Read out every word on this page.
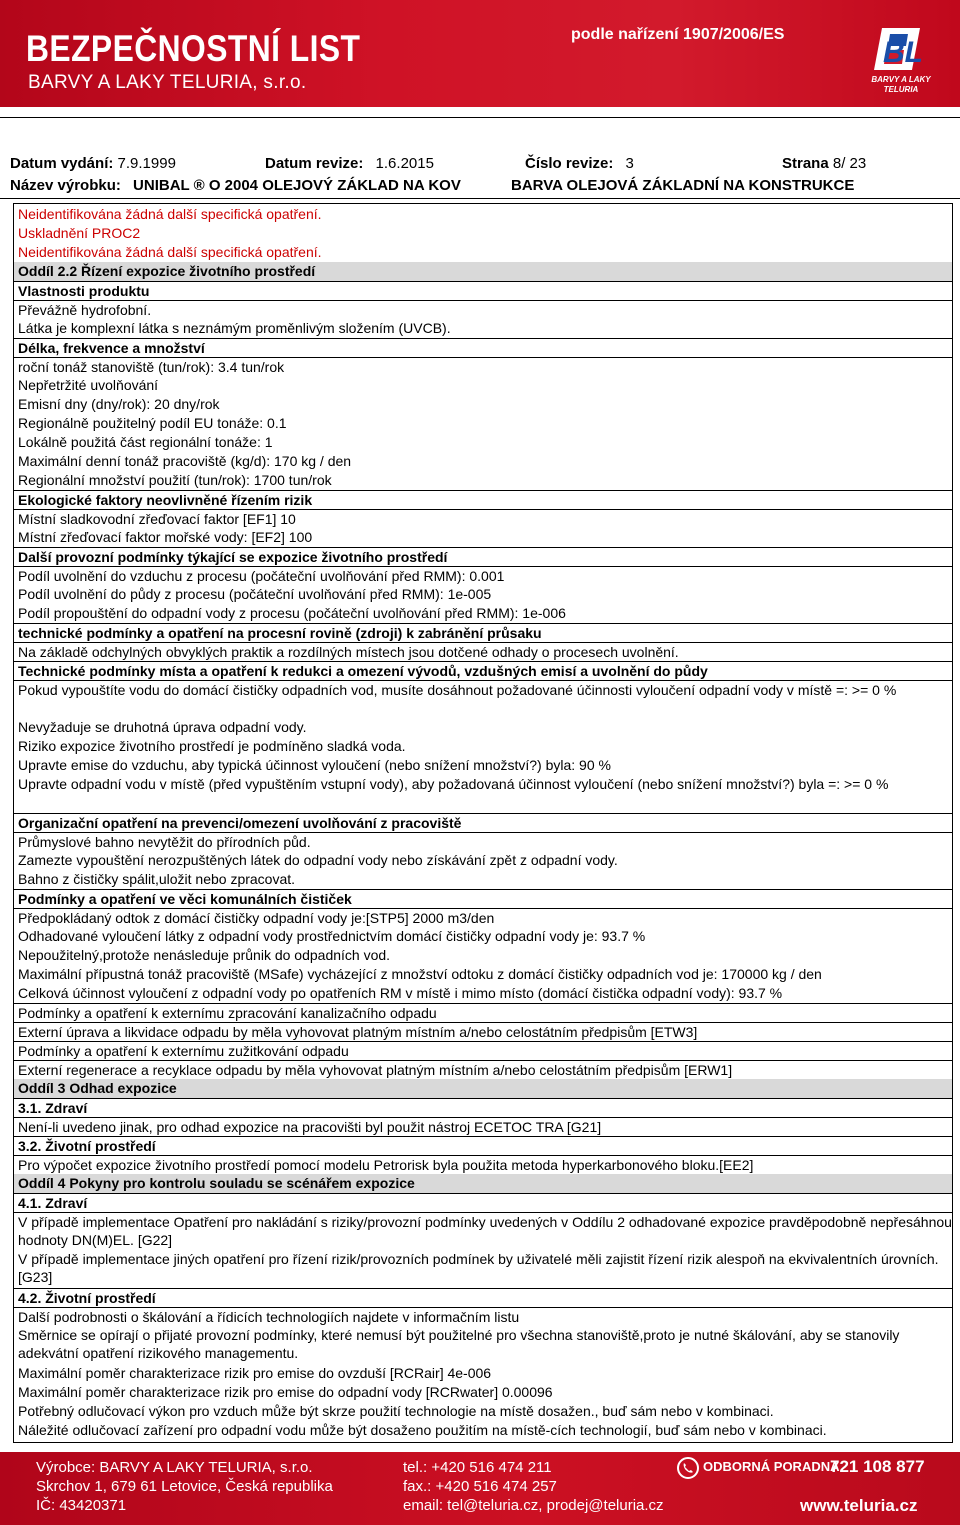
BEZPEČNOSTNÍ LIST
BARVY A LAKY TELURIA, s.r.o.
podle nařízení 1907/2006/ES
BL
BARVY A LAKY
TELURIA
Datum vydání: 7.9.1999	Datum revize: 1.6.2015	Číslo revize: 3	Strana 8/ 23
Název výrobku: UNIBAL ® O 2004 OLEJOVÝ ZÁKLAD NA KOV	BARVA OLEJOVÁ ZÁKLADNÍ NA KONSTRUKCE
Neidentifikována žádná další specifická opatření.
Uskladnění PROC2
Neidentifikována žádná další specifická opatření.
Oddíl 2.2 Řízení expozice životního prostředí
Vlastnosti produktu
Převážně hydrofobní.
Látka je komplexní látka s neznámým proměnlivým složením (UVCB).
Délka, frekvence a množství
roční tonáž stanoviště (tun/rok): 3.4 tun/rok
Nepřetržité uvolňování
Emisní dny (dny/rok): 20 dny/rok
Regionálně použitelný podíl EU tonáže: 0.1
Lokálně použitá část regionální tonáže: 1
Maximální denní tonáž pracoviště (kg/d): 170 kg / den
Regionální množství použití (tun/rok): 1700 tun/rok
Ekologické faktory neovlivněné řízením rizik
Místní sladkovodní zřeďovací faktor [EF1] 10
Místní zřeďovací faktor mořské vody: [EF2] 100
Další provozní podmínky týkající se expozice životního prostředí
Podíl uvolnění do vzduchu z procesu (počáteční uvolňování před RMM): 0.001
Podíl uvolnění do půdy z procesu (počáteční uvolňování před RMM): 1e-005
Podíl propouštění do odpadní vody z procesu (počáteční uvolňování před RMM): 1e-006
technické podmínky a opatření na procesní rovině (zdroji) k zabránění průsaku
Na základě odchylných obvyklých praktik a rozdílných místech jsou dotčené odhady o procesech uvolnění.
Technické podmínky místa a opatření k redukci a omezení vývodů, vzdušných emisí a uvolnění do půdy
Pokud vypouštíte vodu do domácí čističky odpadních vod, musíte dosáhnout požadované účinnosti vyloučení odpadní vody v místě =: >= 0 %
Nevyžaduje se druhotná úprava odpadní vody.
Riziko expozice životního prostředí je podmíněno sladká voda.
Upravte emise do vzduchu, aby typická účinnost vyloučení (nebo snížení množství?) byla: 90 %
Upravte odpadní vodu v místě (před vypuštěním vstupní vody), aby požadovaná účinnost vyloučení (nebo snížení množství?) byla =: >= 0 %
Organizační opatření na prevenci/omezení uvolňování z pracoviště
Průmyslové bahno nevytěžit do přírodních půd.
Zamezte vypouštění nerozpuštěných látek do odpadní vody nebo získávání zpět z odpadní vody.
Bahno z čističky spálit,uložit nebo zpracovat.
Podmínky a opatření ve věci komunálních čističek
Předpokládaný odtok z domácí čističky odpadní vody je:[STP5] 2000 m3/den
Odhadované vyloučení látky z odpadní vody prostřednictvím domácí čističky odpadní vody je: 93.7 %
Nepoužitelný,protože nenásleduje průnik do odpadních vod.
Maximální přípustná tonáž pracoviště (MSafe) vycházející z množství odtoku z domácí čističky odpadních vod je: 170000 kg / den
Celková účinnost vyloučení z odpadní vody po opatřeních RM v místě i mimo místo (domácí čistička odpadní vody): 93.7 %
Podmínky a opatření k externímu zpracování kanalizačního odpadu
Externí úprava a likvidace odpadu by měla vyhovovat platným místním a/nebo celostátním předpisům [ETW3]
Podmínky a opatření k externímu zužitkování odpadu
Externí regenerace a recyklace odpadu by měla vyhovovat platným místním a/nebo celostátním předpisům [ERW1]
Oddíl 3 Odhad expozice
3.1. Zdraví
Není-li uvedeno jinak, pro odhad expozice na pracovišti byl použit nástroj ECETOC TRA [G21]
3.2. Životní prostředí
Pro výpočet expozice životního prostředí pomocí modelu Petrorisk byla použita metoda hyperkarbonového bloku.[EE2]
Oddíl 4 Pokyny pro kontrolu souladu se scénářem expozice
4.1. Zdraví
V případě implementace Opatření pro nakládání s riziky/provozní podmínky uvedených v Oddílu 2 odhadované expozice pravděpodobně nepřesáhnou hodnoty DN(M)EL. [G22]
V případě implementace jiných opatření pro řízení rizik/provozních podmínek by uživatelé měli zajistit řízení rizik alespoň na ekvivalentních úrovních.[G23]
4.2. Životní prostředí
Další podrobnosti o škálování a řídicích technologiích najdete v informačním listu
Směrnice se opírají o přijaté provozní podmínky, které nemusí být použitelné pro všechna stanoviště,proto je nutné škálování, aby se stanovily adekvátní opatření rizikového managementu.
Maximální poměr charakterizace rizik pro emise do ovzduší [RCRair] 4e-006
Maximální poměr charakterizace rizik pro emise do odpadní vody [RCRwater] 0.00096
Potřebný odlučovací výkon pro vzduch může být skrze použití technologie na místě dosažen., buď sám nebo v kombinaci.
Náležité odlučovací zařízení pro odpadní vodu může být dosaženo použitím na místě-cích technologií, buď sám nebo v kombinaci.
Výrobce: BARVY A LAKY TELURIA, s.r.o.
Skrchov 1, 679 61 Letovice, Česká republika
IČ: 43420371
tel.: +420 516 474 211
fax.: +420 516 474 257
email: tel@teluria.cz, prodej@teluria.cz
ODBORNÁ PORADNA
721 108 877
www.teluria.cz
